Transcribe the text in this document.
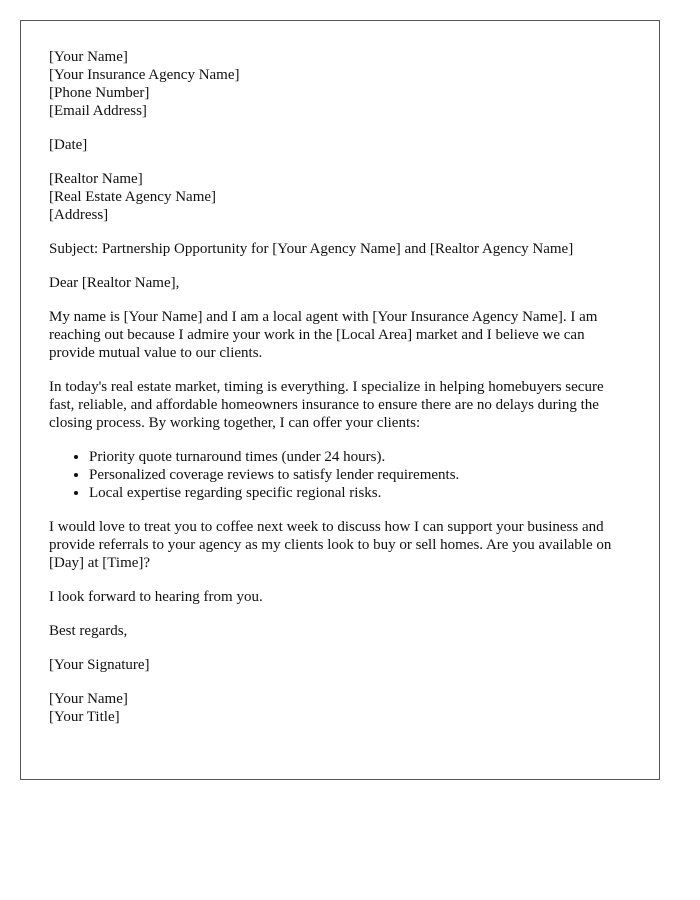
[Your Name]
[Your Insurance Agency Name]
[Phone Number]
[Email Address]

[Date]

[Realtor Name]
[Real Estate Agency Name]
[Address]

Subject: Partnership Opportunity for [Your Agency Name] and [Realtor Agency Name]

Dear [Realtor Name],

My name is [Your Name] and I am a local agent with [Your Insurance Agency Name]. I am reaching out because I admire your work in the [Local Area] market and I believe we can provide mutual value to our clients.

In today's real estate market, timing is everything. I specialize in helping homebuyers secure fast, reliable, and affordable homeowners insurance to ensure there are no delays during the closing process. By working together, I can offer your clients:

• Priority quote turnaround times (under 24 hours).
• Personalized coverage reviews to satisfy lender requirements.
• Local expertise regarding specific regional risks.

I would love to treat you to coffee next week to discuss how I can support your business and provide referrals to your agency as my clients look to buy or sell homes. Are you available on [Day] at [Time]?

I look forward to hearing from you.

Best regards,

[Your Signature]

[Your Name]
[Your Title]
